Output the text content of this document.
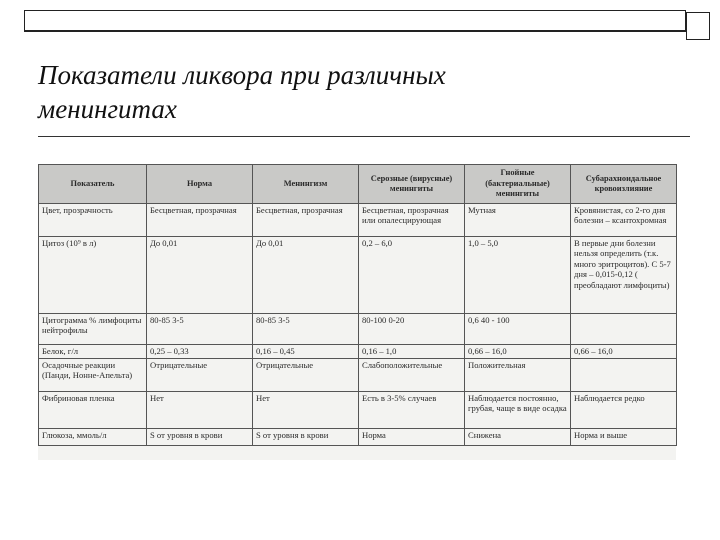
Показатели ликвора при различных
менингитах
Показатель	Норма	Менингизм	Серозные (вирусные) менингиты	Гнойные (бактериальные) менингиты	Субарахноидальное кровоизлияние
Цвет, прозрачность	Бесцветная, прозрачная	Бесцветная, прозрачная	Бесцветная, прозрачная или опалесцирующая	Мутная	Кровянистая, со 2-го дня болезни – ксантохромная
Цитоз (10⁹ в л)	До 0,01	До 0,01	0,2 – 6,0	1,0 – 5,0	В первые дни болезни нельзя определить (т.к. много эритроцитов). С 5-7 дня – 0,015-0,12 ( преобладают лимфоциты)
Цитограмма % лимфоциты нейтрофилы	80-85 3-5	80-85 3-5	80-100 0-20	0,6 40 - 100	
Белок, г/л	0,25 – 0,33	0,16 – 0,45	0,16 – 1,0	0,66 – 16,0	0,66 – 16,0
Осадочные реакции (Панди, Нонне-Апельта)	Отрицательные	Отрицательные	Слабоположительные	Положительная	
Фибриновая пленка	Нет	Нет	Есть в 3-5% случаев	Наблюдается постоянно, грубая, чаще в виде осадка	Наблюдается редко
Глюкоза, ммоль/л	S от уровня в крови	S от уровня в крови	Норма	Снижена	Норма и выше
